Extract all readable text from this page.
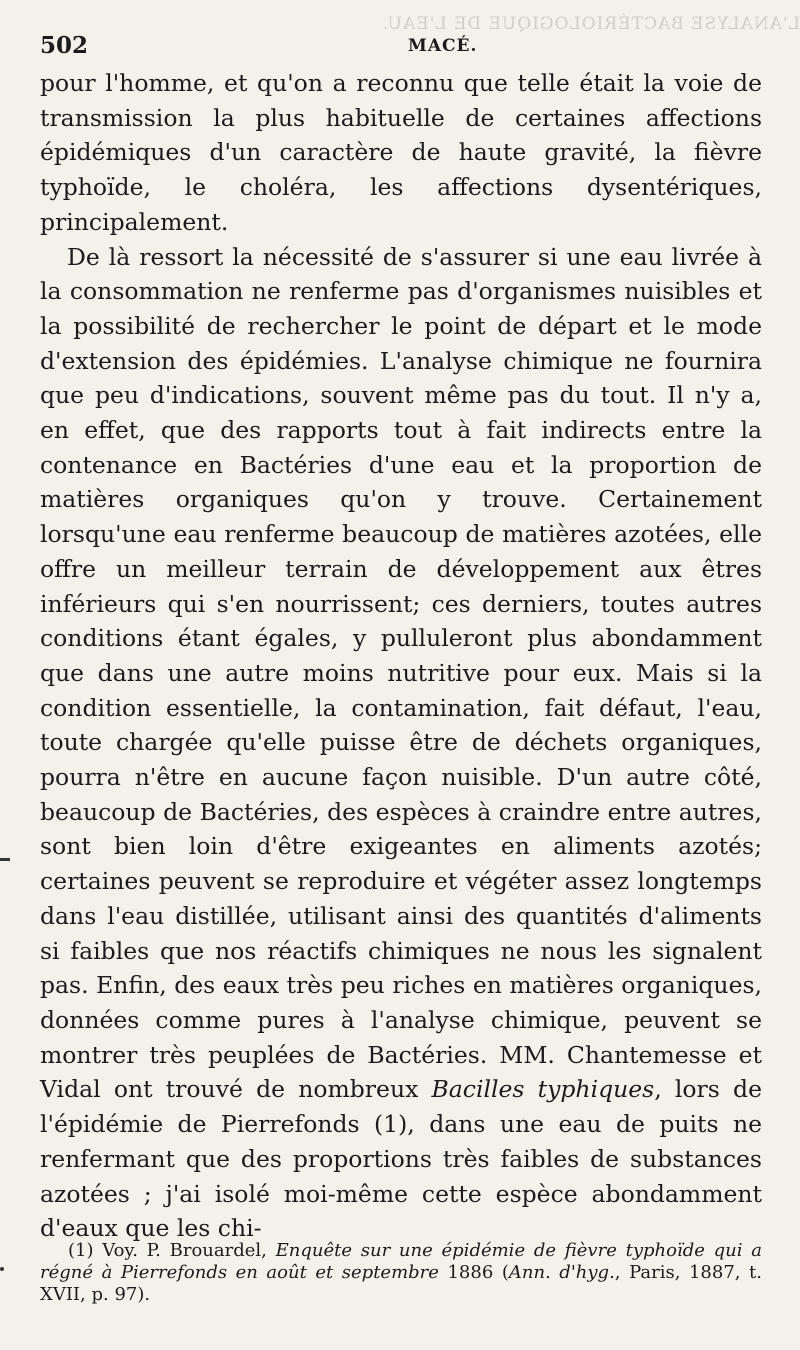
L'ANALYSE BACTÉRIOLOGIQUE DE L'EAU.
502	MACÉ.

pour l'homme, et qu'on a reconnu que telle était la voie de transmission la plus habituelle de certaines affections épidémiques d'un caractère de haute gravité, la fièvre typhoïde, le choléra, les affections dysentériques, principalement.

De là ressort la nécessité de s'assurer si une eau livrée à la consommation ne renferme pas d'organismes nuisibles et la possibilité de rechercher le point de départ et le mode d'extension des épidémies. L'analyse chimique ne fournira que peu d'indications, souvent même pas du tout. Il n'y a, en effet, que des rapports tout à fait indirects entre la contenance en Bactéries d'une eau et la proportion de matières organiques qu'on y trouve. Certainement lorsqu'une eau renferme beaucoup de matières azotées, elle offre un meilleur terrain de développement aux êtres inférieurs qui s'en nourrissent; ces derniers, toutes autres conditions étant égales, y pulluleront plus abondamment que dans une autre moins nutritive pour eux. Mais si la condition essentielle, la contamination, fait défaut, l'eau, toute chargée qu'elle puisse être de déchets organiques, pourra n'être en aucune façon nuisible. D'un autre côté, beaucoup de Bactéries, des espèces à craindre entre autres, sont bien loin d'être exigeantes en aliments azotés; certaines peuvent se reproduire et végéter assez longtemps dans l'eau distillée, utilisant ainsi des quantités d'aliments si faibles que nos réactifs chimiques ne nous les signalent pas. Enfin, des eaux très peu riches en matières organiques, données comme pures à l'analyse chimique, peuvent se montrer très peuplées de Bactéries. MM. Chantemesse et Vidal ont trouvé de nombreux Bacilles typhiques, lors de l'épidémie de Pierrefonds (1), dans une eau de puits ne renfermant que des proportions très faibles de substances azotées ; j'ai isolé moi-même cette espèce abondamment d'eaux que les chi-

(1) Voy. P. Brouardel, Enquête sur une épidémie de fièvre typhoïde qui a régné à Pierrefonds en août et septembre 1886 (Ann. d'hyg., Paris, 1887, t. XVII, p. 97).
